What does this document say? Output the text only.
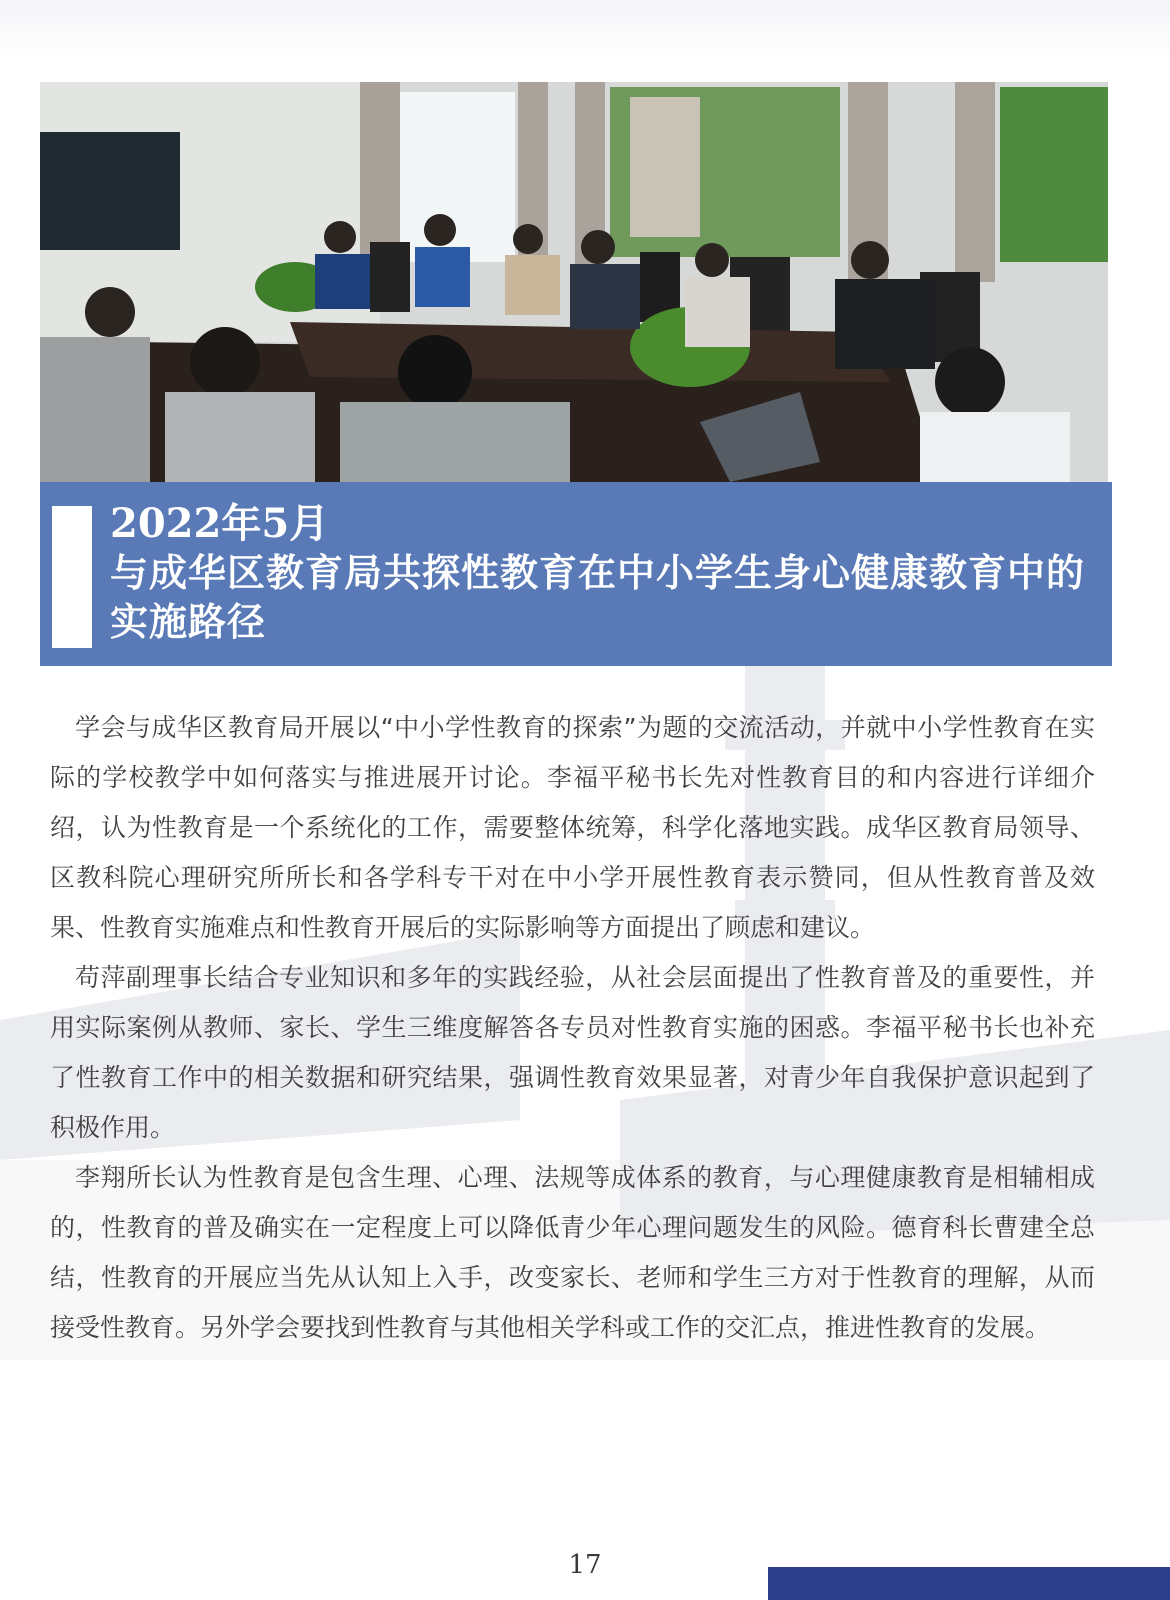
2022年5月
与成华区教育局共探性教育在中小学生身心健康教育中的实施路径

学会与成华区教育局开展以“中小学性教育的探索”为题的交流活动，并就中小学性教育在实际的学校教学中如何落实与推进展开讨论。李福平秘书长先对性教育目的和内容进行详细介绍，认为性教育是一个系统化的工作，需要整体统筹，科学化落地实践。成华区教育局领导、区教科院心理研究所所长和各学科专干对在中小学开展性教育表示赞同，但从性教育普及效果、性教育实施难点和性教育开展后的实际影响等方面提出了顾虑和建议。

苟萍副理事长结合专业知识和多年的实践经验，从社会层面提出了性教育普及的重要性，并用实际案例从教师、家长、学生三维度解答各专员对性教育实施的困惑。李福平秘书长也补充了性教育工作中的相关数据和研究结果，强调性教育效果显著，对青少年自我保护意识起到了积极作用。

李翔所长认为性教育是包含生理、心理、法规等成体系的教育，与心理健康教育是相辅相成的，性教育的普及确实在一定程度上可以降低青少年心理问题发生的风险。德育科长曹建全总结，性教育的开展应当先从认知上入手，改变家长、老师和学生三方对于性教育的理解，从而接受性教育。另外学会要找到性教育与其他相关学科或工作的交汇点，推进性教育的发展。

17
